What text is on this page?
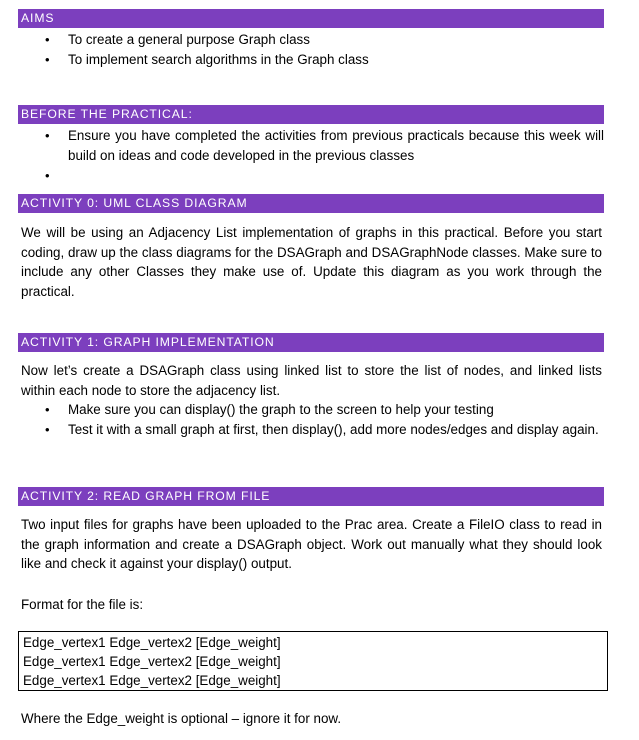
AIMS
• To create a general purpose Graph class
• To implement search algorithms in the Graph class
BEFORE THE PRACTICAL:
• Ensure you have completed the activities from previous practicals because this week will build on ideas and code developed in the previous classes
•
ACTIVITY 0: UML CLASS DIAGRAM

We will be using an Adjacency List implementation of graphs in this practical. Before you start coding, draw up the class diagrams for the DSAGraph and DSAGraphNode classes. Make sure to include any other Classes they make use of. Update this diagram as you work through the practical.

ACTIVITY 1: GRAPH IMPLEMENTATION

Now let’s create a DSAGraph class using linked list to store the list of nodes, and linked lists within each node to store the adjacency list.

• Make sure you can display() the graph to the screen to help your testing
• Test it with a small graph at first, then display(), add more nodes/edges and display again.
ACTIVITY 2: READ GRAPH FROM FILE

Two input files for graphs have been uploaded to the Prac area. Create a FileIO class to read in the graph information and create a DSAGraph object. Work out manually what they should look like and check it against your display() output.

Format for the file is:

Edge_vertex1 Edge_vertex2 [Edge_weight]
Edge_vertex1 Edge_vertex2 [Edge_weight]
Edge_vertex1 Edge_vertex2 [Edge_weight]

Where the Edge_weight is optional – ignore it for now.
